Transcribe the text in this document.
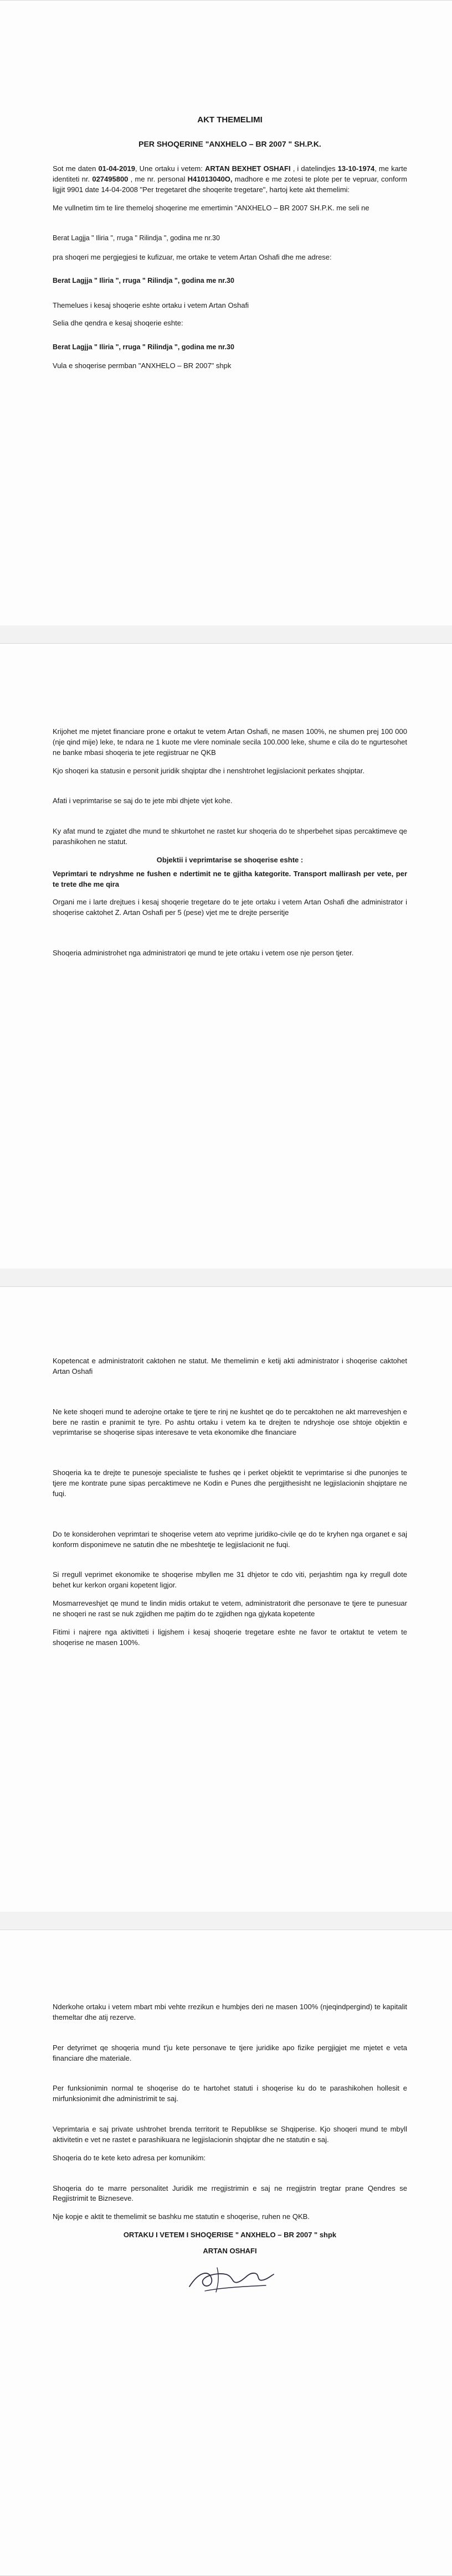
AKT THEMELIMI
PER SHOQERINE "ANXHELO – BR 2007 " SH.P.K.

Sot me daten 01-04-2019, Une ortaku i vetem: ARTAN BEXHET OSHAFI , i datelindjes 13-10-1974, me karte identiteti nr. 027495800 , me nr. personal H41013040O, madhore e me zotesi te plote per te vepruar, conform ligjit 9901 date 14-04-2008 "Per tregetaret dhe shoqerite tregetare", hartoj kete akt themelimi:

Me vullnetim tim te lire themeloj shoqerine me emertimin "ANXHELO – BR 2007 SH.P.K. me seli ne

Berat Lagjja " Iliria ", rruga " Rilindja ", godina me nr.30

pra shoqeri me pergjegjesi te kufizuar, me ortake te vetem Artan Oshafi dhe me adrese:

Berat Lagjja " Iliria ", rruga " Rilindja ", godina me nr.30

Themelues i kesaj shoqerie eshte ortaku i vetem Artan Oshafi

Selia dhe qendra e kesaj shoqerie eshte:

Berat Lagjja " Iliria ", rruga " Rilindja ", godina me nr.30

Vula e shoqerise permban "ANXHELO – BR 2007" shpk

Krijohet me mjetet financiare prone e ortakut te vetem Artan Oshafi, ne masen 100%, ne shumen prej 100 000 (nje qind mije) leke, te ndara ne 1 kuote me vlere nominale secila 100.000 leke, shume e cila do te ngurtesohet ne banke mbasi shoqeria te jete regjistruar ne QKB

Kjo shoqeri ka statusin e personit juridik shqiptar dhe i nenshtrohet legjislacionit perkates shqiptar.

Afati i veprimtarise se saj do te jete mbi dhjete vjet kohe.

Ky afat mund te zgjatet dhe mund te shkurtohet ne rastet kur shoqeria do te shperbehet sipas percaktimeve qe parashikohen ne statut.

Objektii i veprimtarise se shoqerise eshte :

Veprimtari te ndryshme ne fushen e ndertimit ne te gjitha kategorite. Transport mallirash per vete, per te trete dhe me qira

Organi me i larte drejtues i kesaj shoqerie tregetare do te jete ortaku i vetem Artan Oshafi dhe administrator i shoqerise caktohet Z. Artan Oshafi per 5 (pese) vjet me te drejte perseritje

Shoqeria administrohet nga administratori qe mund te jete ortaku i vetem ose nje person tjeter.

Kopetencat e administratorit caktohen ne statut. Me themelimin e ketij akti administrator i shoqerise caktohet Artan Oshafi

Ne kete shoqeri mund te aderojne ortake te tjere te rinj ne kushtet qe do te percaktohen ne akt marreveshjen e bere ne rastin e pranimit te tyre. Po ashtu ortaku i vetem ka te drejten te ndryshoje ose shtoje objektin e veprimtarise se shoqerise sipas interesave te veta ekonomike dhe financiare

Shoqeria ka te drejte te punesoje specialiste te fushes qe i perket objektit te veprimtarise si dhe punonjes te tjere me kontrate pune sipas percaktimeve ne Kodin e Punes dhe pergjithesisht ne legjislacionin shqiptare ne fuqi.

Do te konsiderohen veprimtari te shoqerise vetem ato veprime juridiko-civile qe do te kryhen nga organet e saj konform disponimeve ne satutin dhe ne mbeshtetje te legjislacionit ne fuqi.

Si rregull veprimet ekonomike te shoqerise mbyllen me 31 dhjetor te cdo viti, perjashtim nga ky rregull dote behet kur kerkon organi kopetent ligjor.

Mosmarreveshjet qe mund te lindin midis ortakut te vetem, administratorit dhe personave te tjere te punesuar ne shoqeri ne rast se nuk zgjidhen me pajtim do te zgjidhen nga gjykata kopetente

Fitimi i najrere nga aktivitteti i ligjshem i kesaj shoqerie tregetare eshte ne favor te ortaktut te vetem te shoqerise ne masen 100%.

Nderkohe ortaku i vetem mbart mbi vehte rrezikun e humbjes deri ne masen 100% (njeqindpergind) te kapitalit themeltar dhe atij rezerve.

Per detyrimet qe shoqeria mund t'ju kete personave te tjere juridike apo fizike pergjigjet me mjetet e veta financiare dhe materiale.

Per funksionimin normal te shoqerise do te hartohet statuti i shoqerise ku do te parashikohen hollesit e mirfunksionimit dhe administrimit te saj.

Veprimtaria e saj private ushtrohet brenda territorit te Republikse se Shqiperise. Kjo shoqeri mund te mbyll aktivitetin e vet ne rastet e parashikuara ne legjislacionin shqiptar dhe ne statutin e saj.

Shoqeria do te kete keto adresa per komunikim:

Shoqeria do te marre personalitet Juridik me rregjistrimin e saj ne rregjistrin tregtar prane Qendres se Regjistrimit te Bizneseve.

Nje kopje e aktit te themelimit se bashku me statutin e shoqerise, ruhen ne QKB.

ORTAKU I VETEM I SHOQERISE " ANXHELO – BR 2007 " shpk
ARTAN OSHAFI
